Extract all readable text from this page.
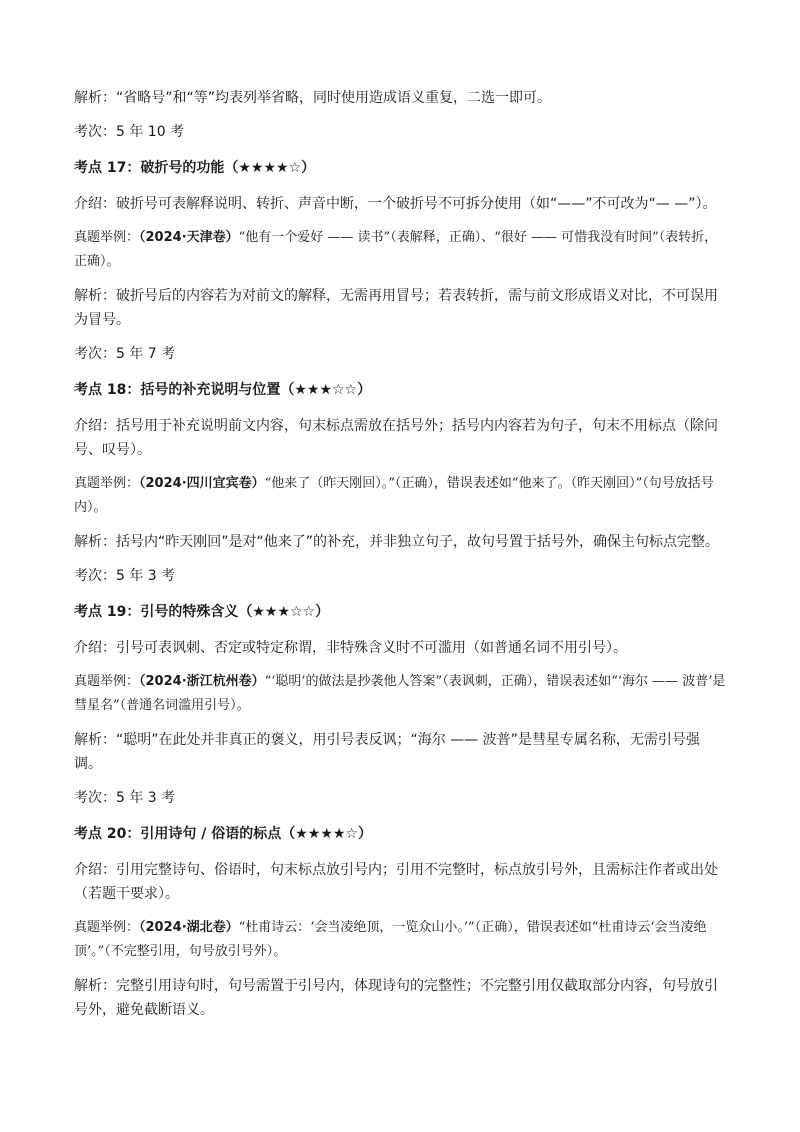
解析：“省略号”和“等”均表列举省略，同时使用造成语义重复，二选一即可。

考次：5 年 10 考

考点 17：破折号的功能（★★★★☆）

介绍：破折号可表解释说明、转折、声音中断，一个破折号不可拆分使用（如“——”不可改为“— —”）。

真题举例：（2024·天津卷）“他有一个爱好 —— 读书”（表解释，正确）、“很好 —— 可惜我没有时间”（表转折，正确）。

解析：破折号后的内容若为对前文的解释，无需再用冒号；若表转折，需与前文形成语义对比，不可误用为冒号。

考次：5 年 7 考

考点 18：括号的补充说明与位置（★★★☆☆）

介绍：括号用于补充说明前文内容，句末标点需放在括号外；括号内内容若为句子，句末不用标点（除问号、叹号）。

真题举例：（2024·四川宜宾卷）“他来了（昨天刚回）。”（正确），错误表述如“他来了。（昨天刚回）”（句号放括号内）。

解析：括号内“昨天刚回”是对“他来了”的补充，并非独立句子，故句号置于括号外，确保主句标点完整。

考次：5 年 3 考

考点 19：引号的特殊含义（★★★☆☆）

介绍：引号可表讽刺、否定或特定称谓，非特殊含义时不可滥用（如普通名词不用引号）。

真题举例：（2024·浙江杭州卷）“‘聪明’的做法是抄袭他人答案”（表讽刺，正确），错误表述如“‘海尔 —— 波普’是彗星名”（普通名词滥用引号）。

解析：“聪明”在此处并非真正的褒义，用引号表反讽；“海尔 —— 波普”是彗星专属名称，无需引号强调。

考次：5 年 3 考

考点 20：引用诗句 / 俗语的标点（★★★★☆）

介绍：引用完整诗句、俗语时，句末标点放引号内；引用不完整时，标点放引号外，且需标注作者或出处（若题干要求）。

真题举例：（2024·湖北卷）“杜甫诗云：‘会当凌绝顶，一览众山小。’”（正确），错误表述如“杜甫诗云‘会当凌绝顶’。”（不完整引用，句号放引号外）。

解析：完整引用诗句时，句号需置于引号内，体现诗句的完整性；不完整引用仅截取部分内容，句号放引号外，避免截断语义。
